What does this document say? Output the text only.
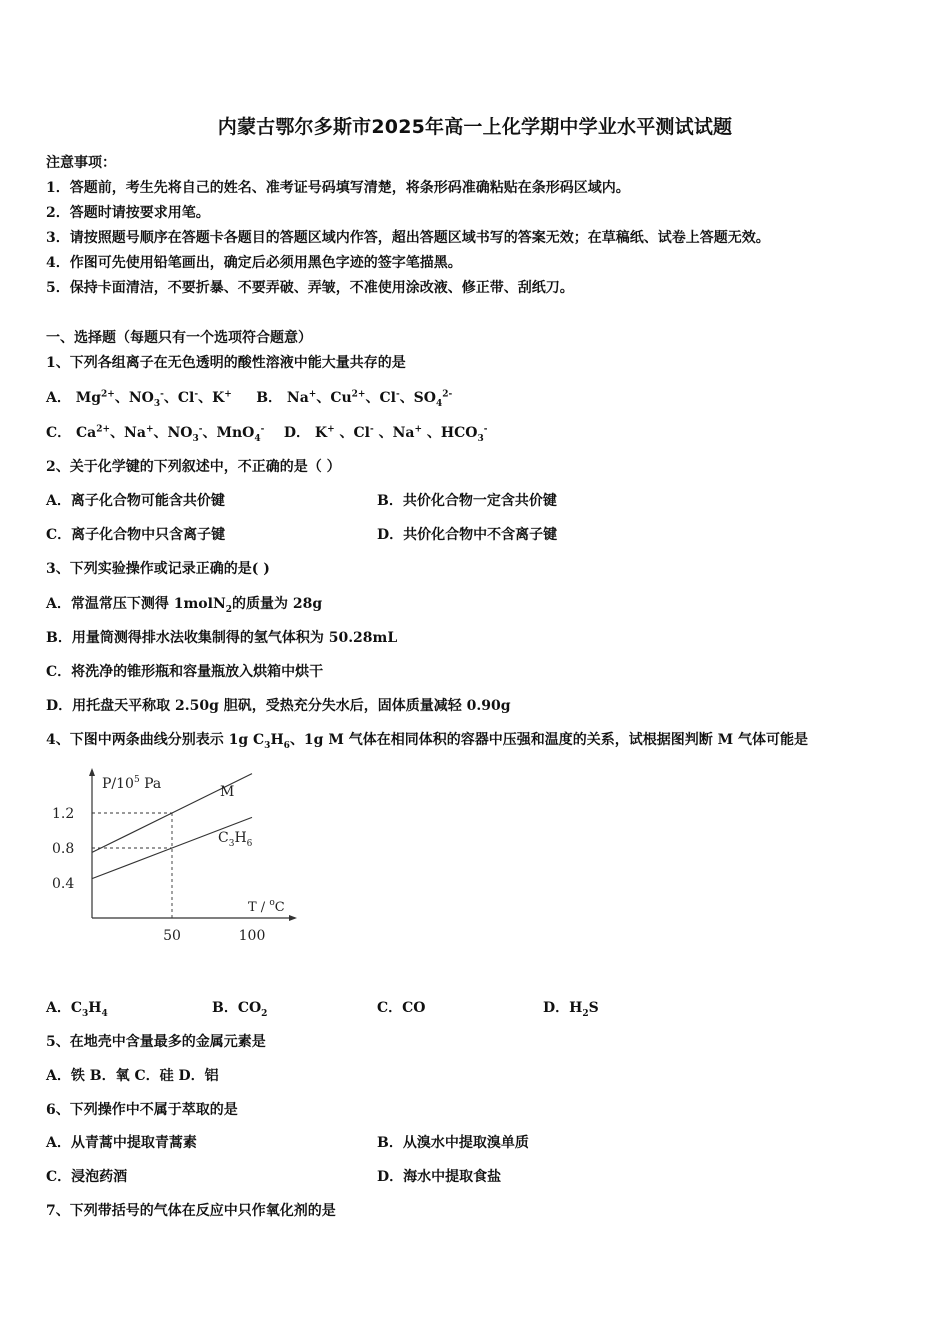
内蒙古鄂尔多斯市2025年高一上化学期中学业水平测试试题
注意事项：
1．答题前，考生先将自己的姓名、准考证号码填写清楚，将条形码准确粘贴在条形码区域内。
2．答题时请按要求用笔。
3．请按照题号顺序在答题卡各题目的答题区域内作答，超出答题区域书写的答案无效；在草稿纸、试卷上答题无效。
4．作图可先使用铅笔画出，确定后必须用黑色字迹的签字笔描黑。
5．保持卡面清洁，不要折暴、不要弄破、弄皱，不准使用涂改液、修正带、刮纸刀。
一、选择题（每题只有一个选项符合题意）
1、下列各组离子在无色透明的酸性溶液中能大量共存的是
A． $Mg^{2+}$、$NO_3^-$、Cl-、K+ B． Na+、$Cu^{2+}$、Cl-、$SO_4^{2-}$
C． $Ca^{2+}$、Na+、$NO_3^-$、MnO$_4$- D． K+ 、Cl- 、Na+ 、$HCO_3^-$
2、关于化学键的下列叙述中，不正确的是（ ）
A．离子化合物可能含共价键	B．共价化合物一定含共价键
C．离子化合物中只含离子键	D．共价化合物中不含离子键
3、下列实验操作或记录正确的是( )
A．常温常压下测得 1molN$_2$的质量为 28g
B．用量筒测得排水法收集制得的氢气体积为 50.28mL
C．将洗净的锥形瓶和容量瓶放入烘箱中烘干
D．用托盘天平称取 2.50g 胆矾，受热充分失水后，固体质量减轻 0.90g
4、下图中两条曲线分别表示 1g $C_3H_6$、1g M 气体在相同体积的容器中压强和温度的关系，试根据图判断 M 气体可能是
$P/10^5$ Pa
T / $^o$C
1.2
0.8
0.4
50	100
M
$C_3H_6$
A．$C_3H_4$	B．$CO_2$	C．CO	D．$H_2S$
5、在地壳中含量最多的金属元素是
A．铁 B．氧 C．硅 D．铝
6、下列操作中不属于萃取的是
A．从青蒿中提取青蒿素	B．从溴水中提取溴单质
C．浸泡药酒	D．海水中提取食盐
7、下列带括号的气体在反应中只作氧化剂的是
